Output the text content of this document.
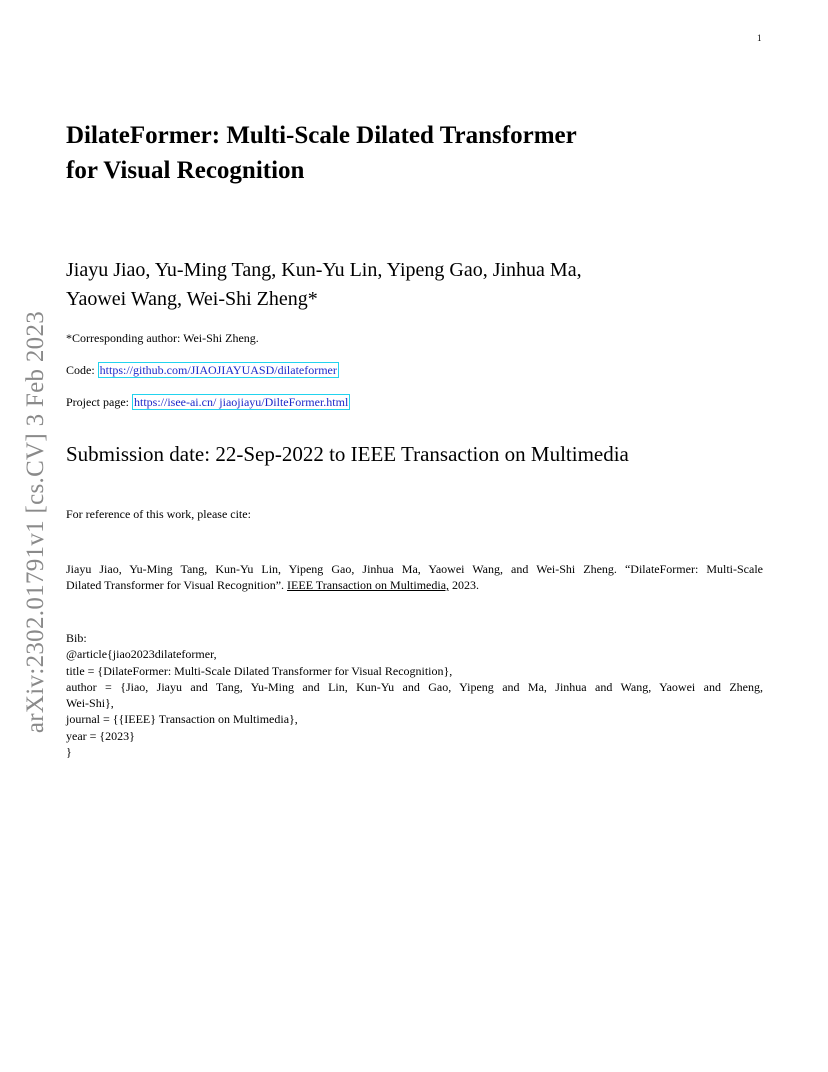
1
arXiv:2302.01791v1 [cs.CV] 3 Feb 2023
DilateFormer: Multi-Scale Dilated Transformer
for Visual Recognition
Jiayu Jiao, Yu-Ming Tang, Kun-Yu Lin, Yipeng Gao, Jinhua Ma,
Yaowei Wang, Wei-Shi Zheng*
*Corresponding author: Wei-Shi Zheng.
Code: https://github.com/JIAOJIAYUASD/dilateformer
Project page: https://isee-ai.cn/ jiaojiayu/DilteFormer.html
Submission date: 22-Sep-2022 to IEEE Transaction on Multimedia
For reference of this work, please cite:
Jiayu Jiao, Yu-Ming Tang, Kun-Yu Lin, Yipeng Gao, Jinhua Ma, Yaowei Wang, and Wei-Shi Zheng. “DilateFormer: Multi-Scale
Dilated Transformer for Visual Recognition”. IEEE Transaction on Multimedia, 2023.
Bib:
@article{jiao2023dilateformer,
title = {DilateFormer: Multi-Scale Dilated Transformer for Visual Recognition},
author = {Jiao, Jiayu and Tang, Yu-Ming and Lin, Kun-Yu and Gao, Yipeng and Ma, Jinhua and Wang, Yaowei and Zheng,
Wei-Shi},
journal = {{IEEE} Transaction on Multimedia},
year = {2023}
}
